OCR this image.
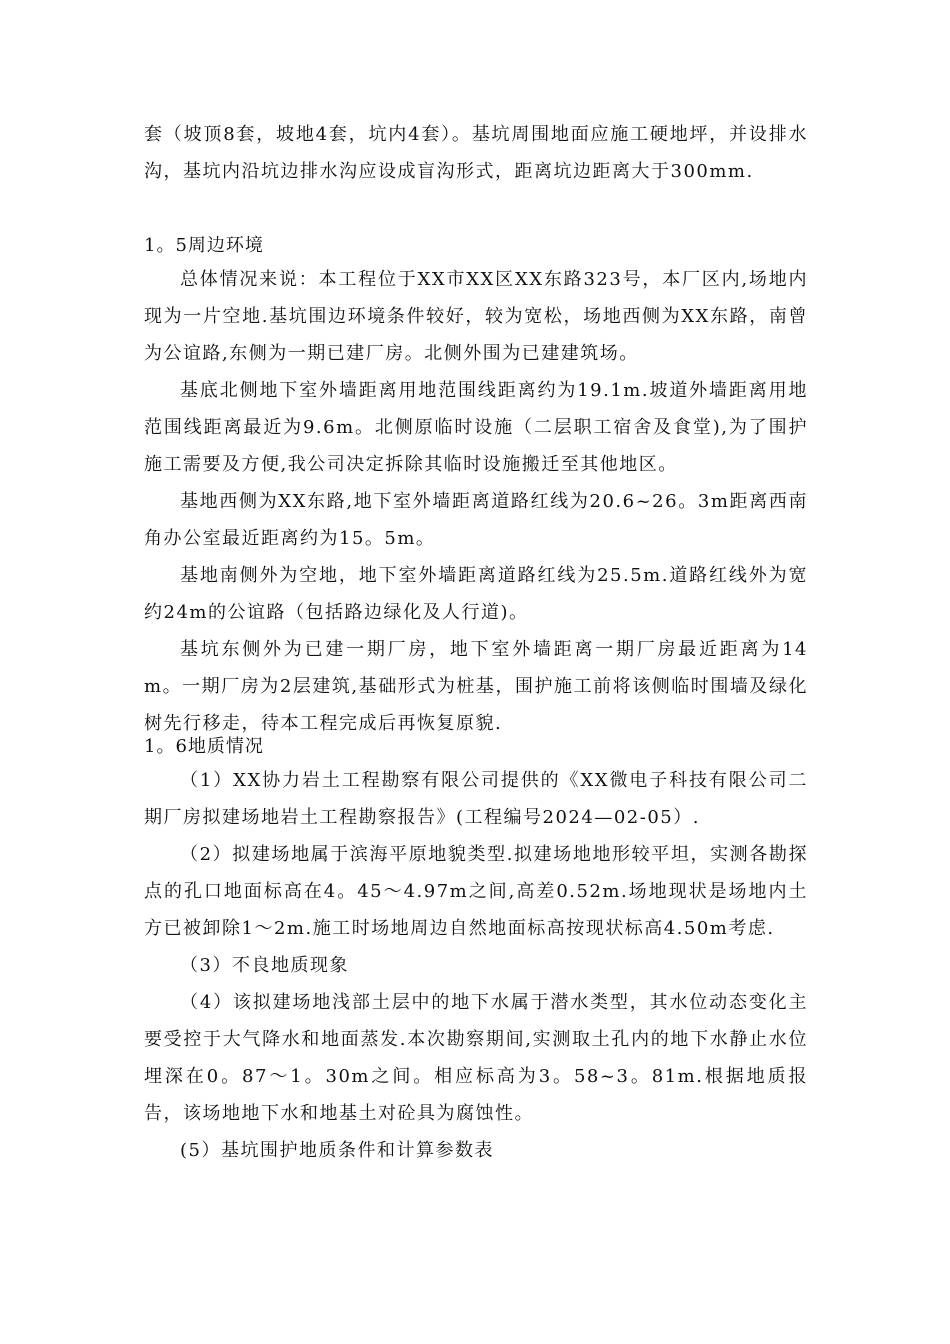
套（坡顶8套，坡地4套，坑内4套）。基坑周围地面应施工硬地坪，并设排水沟，基坑内沿坑边排水沟应设成盲沟形式，距离坑边距离大于300mm.

1。5周边环境

总体情况来说：本工程位于XX市XX区XX东路323号，本厂区内,场地内现为一片空地.基坑围边环境条件较好，较为宽松，场地西侧为XX东路，南曾为公谊路,东侧为一期已建厂房。北侧外围为已建建筑场。

基底北侧地下室外墙距离用地范围线距离约为19.1m.坡道外墙距离用地范围线距离最近为9.6m。北侧原临时设施（二层职工宿舍及食堂),为了围护施工需要及方便,我公司决定拆除其临时设施搬迁至其他地区。

基地西侧为XX东路,地下室外墙距离道路红线为20.6~26。3m距离西南角办公室最近距离约为15。5m。

基地南侧外为空地，地下室外墙距离道路红线为25.5m.道路红线外为宽约24m的公谊路（包括路边绿化及人行道)。

基坑东侧外为已建一期厂房，地下室外墙距离一期厂房最近距离为14m。一期厂房为2层建筑,基础形式为桩基，围护施工前将该侧临时围墙及绿化树先行移走，待本工程完成后再恢复原貌.

1。6地质情况

（1）XX协力岩土工程勘察有限公司提供的《XX微电子科技有限公司二期厂房拟建场地岩土工程勘察报告》(工程编号2024—02-05）.

（2）拟建场地属于滨海平原地貌类型.拟建场地地形较平坦，实测各勘探点的孔口地面标高在4。45～4.97m之间,高差0.52m.场地现状是场地内土方已被卸除1～2m.施工时场地周边自然地面标高按现状标高4.50m考虑.

（3）不良地质现象

（4）该拟建场地浅部土层中的地下水属于潜水类型，其水位动态变化主要受控于大气降水和地面蒸发.本次勘察期间,实测取土孔内的地下水静止水位埋深在0。87～1。30m之间。相应标高为3。58~3。81m.根据地质报告，该场地地下水和地基土对砼具为腐蚀性。

(5）基坑围护地质条件和计算参数表
